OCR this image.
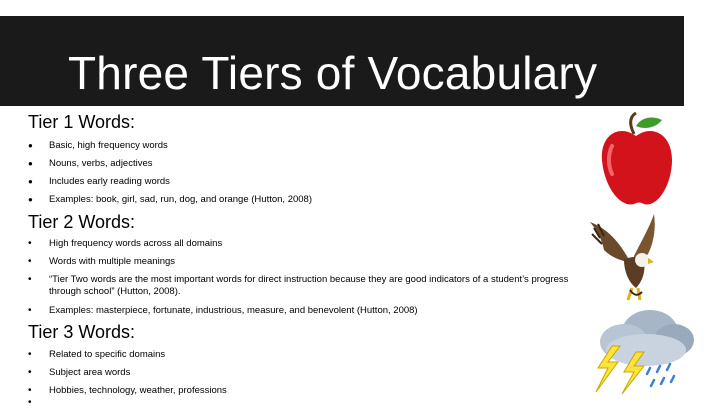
Three Tiers of Vocabulary
Tier 1 Words:
● Basic, high frequency words
● Nouns, verbs, adjectives
● Includes early reading words
● Examples: book, girl, sad, run, dog, and orange (Hutton, 2008)
Tier 2 Words:
• High frequency words across all domains
• Words with multiple meanings
• “Tier Two words are the most important words for direct instruction because they are good indicators of a student’s progress through school” (Hutton, 2008).
• Examples: masterpiece, fortunate, industrious, measure, and benevolent (Hutton, 2008)
Tier 3 Words:
• Related to specific domains
• Subject area words
• Hobbies, technology, weather, professions
•
